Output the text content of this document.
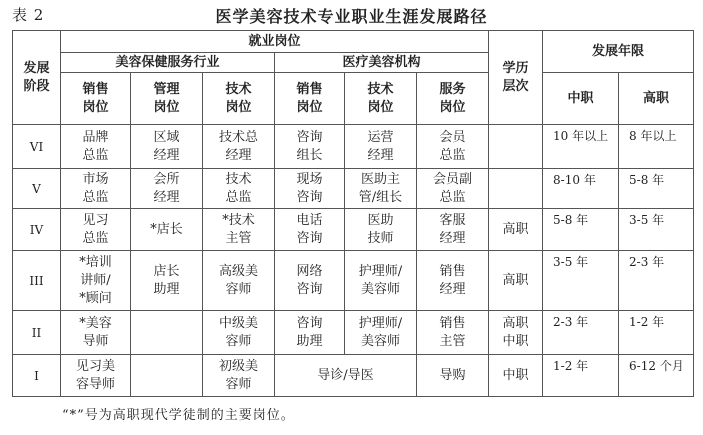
表 2	医学美容技术专业职业生涯发展路径
发展阶段	就业岗位						学历层次	发展年限	
	美容保健服务行业			医疗美容机构					
	销售岗位	管理岗位	技术岗位	销售岗位	技术岗位	服务岗位		中职	高职
VI	品牌总监	区域经理	技术总经理	咨询组长	运营经理	会员总监		10 年以上	8 年以上
V	市场总监	会所经理	技术总监	现场咨询	医助主管/组长	会员副总监		8-10 年	5-8 年
IV	见习总监	*店长	*技术主管	电话咨询	医助技师	客服经理	高职	5-8 年	3-5 年
III	*培训讲师/*顾问	店长助理	高级美容师	网络咨询	护理师/美容师	销售经理	高职	3-5 年	2-3 年
II	*美容导师		中级美容师	咨询助理	护理师/美容师	销售主管	高职 中职	2-3 年	1-2 年
I	见习美容导师		初级美容师	导诊/导医		导购	中职	1-2 年	6-12 个月
“*”号为高职现代学徒制的主要岗位。
